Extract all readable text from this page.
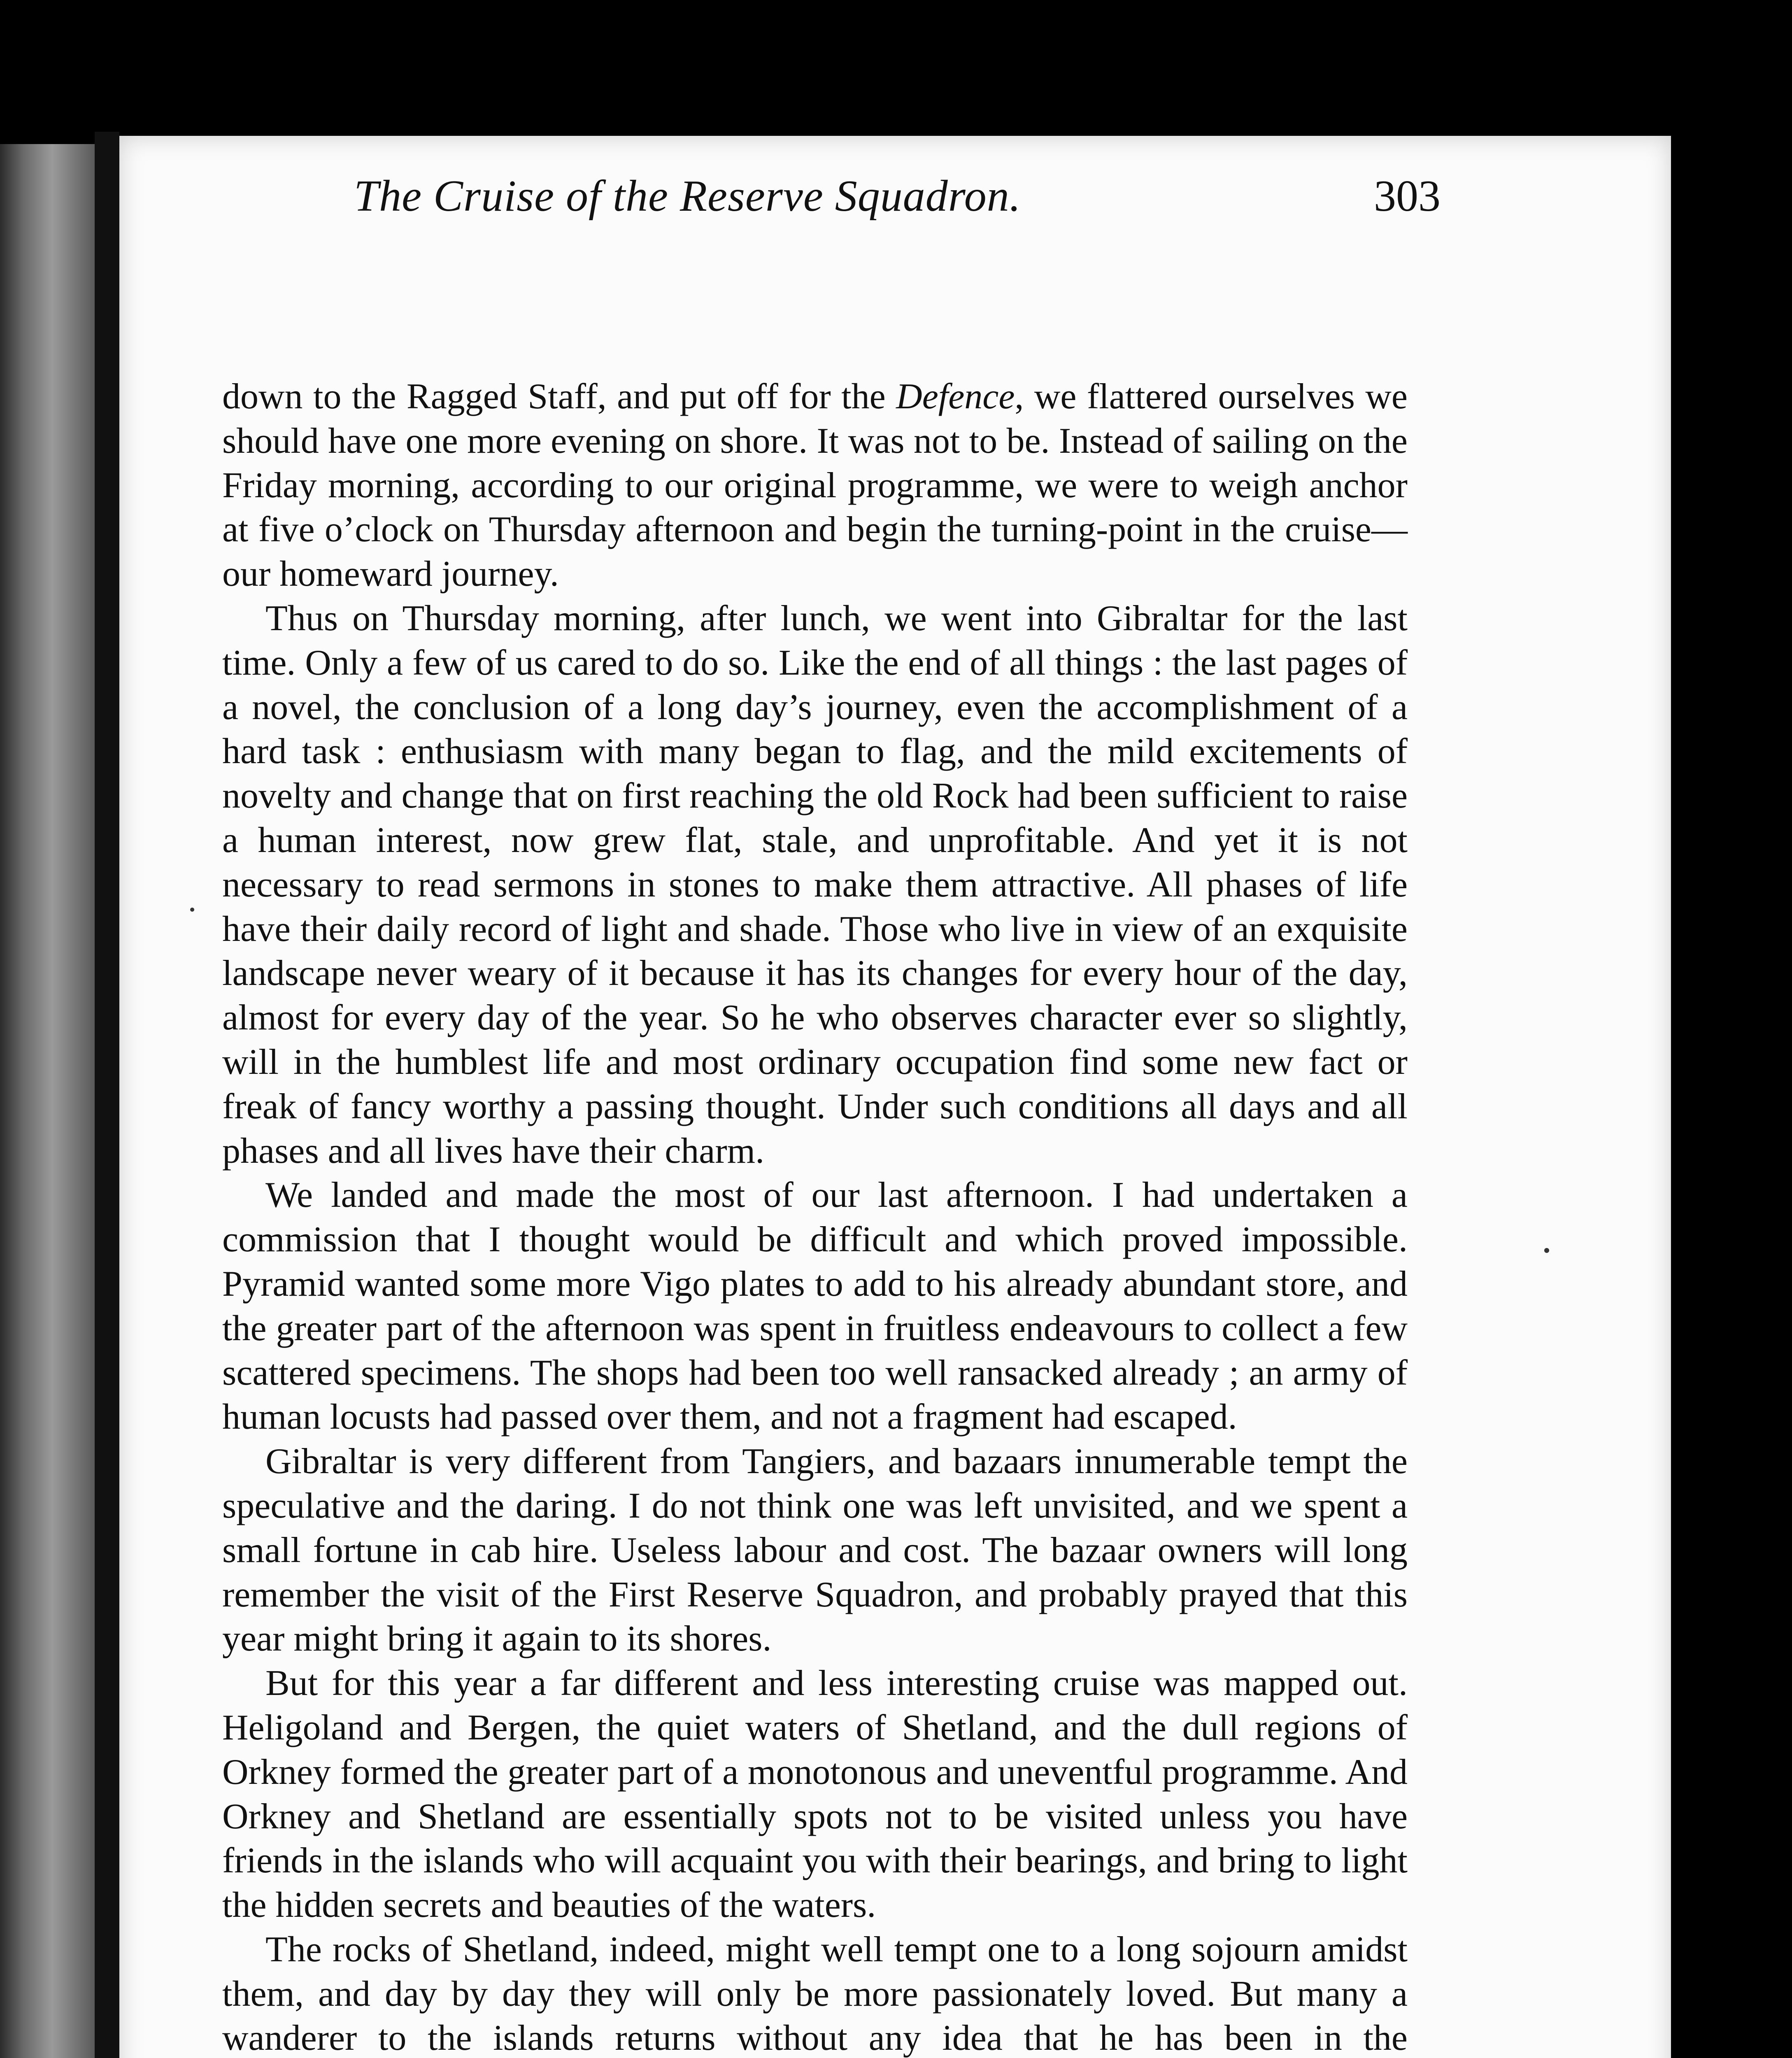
The Cruise of the Reserve Squadron.	303

down to the Ragged Staff, and put off for the Defence, we flattered ourselves we should have one more evening on shore. It was not to be. Instead of sailing on the Friday morning, according to our original programme, we were to weigh anchor at five o’clock on Thursday afternoon and begin the turning-point in the cruise—our homeward journey.

Thus on Thursday morning, after lunch, we went into Gibraltar for the last time. Only a few of us cared to do so. Like the end of all things : the last pages of a novel, the conclusion of a long day’s journey, even the accomplishment of a hard task : enthusiasm with many began to flag, and the mild excitements of novelty and change that on first reaching the old Rock had been sufficient to raise a human interest, now grew flat, stale, and unprofitable. And yet it is not necessary to read sermons in stones to make them attractive. All phases of life have their daily record of light and shade. Those who live in view of an exquisite landscape never weary of it because it has its changes for every hour of the day, almost for every day of the year. So he who observes character ever so slightly, will in the humblest life and most ordinary occupation find some new fact or freak of fancy worthy a passing thought. Under such conditions all days and all phases and all lives have their charm.

We landed and made the most of our last afternoon. I had undertaken a commission that I thought would be difficult and which proved impossible. Pyramid wanted some more Vigo plates to add to his already abundant store, and the greater part of the afternoon was spent in fruitless endeavours to collect a few scattered specimens. The shops had been too well ransacked already ; an army of human locusts had passed over them, and not a fragment had escaped.

Gibraltar is very different from Tangiers, and bazaars innumerable tempt the speculative and the daring. I do not think one was left unvisited, and we spent a small fortune in cab hire. Useless labour and cost. The bazaar owners will long remember the visit of the First Reserve Squadron, and probably prayed that this year might bring it again to its shores.

But for this year a far different and less interesting cruise was mapped out. Heligoland and Bergen, the quiet waters of Shetland, and the dull regions of Orkney formed the greater part of a monotonous and uneventful programme. And Orkney and Shetland are essentially spots not to be visited unless you have friends in the islands who will acquaint you with their bearings, and bring to light the hidden secrets and beauties of the waters.

The rocks of Shetland, indeed, might well tempt one to a long sojourn amidst them, and day by day they will only be more passionately loved. But many a wanderer to the islands returns without any idea that he has been in the
